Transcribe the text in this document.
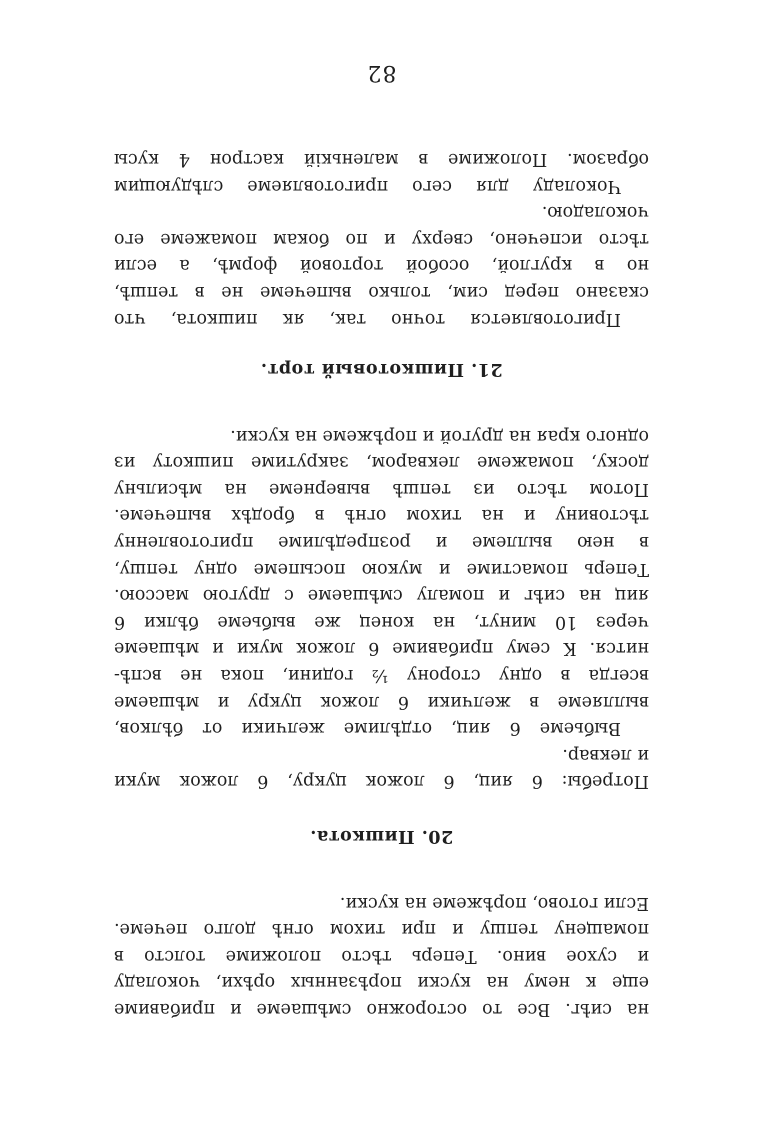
на сиѣг. Все то осторожно смѣшаеме и прибавиме
еще к нему на куски порѣзанных орѣхи, чоколаду
и сухое вино. Теперь тѣсто положиме толсто в
помащену тепшу и при тихом огнѣ долго печеме.
Если готово, порѣжеме на куски.
20. Пишкота.
Потребы: 6 яиц, 6 ложок цукру, 6 ложок муки
и леквар.
Выбьеме 6 яиц, отдѣлиме желчики от бѣлков,
вылляеме в желчики 6 ложок цукру и мѣшаеме
всегда в одну сторону ½ години, пока не вспѣ-
нится. К сему прибавиме 6 ложок муки и мѣшаеме
через 10 минут, на конец же выбьеме бѣлки 6
яиц на сиѣг и помалу смѣшаеме с другою массою.
Теперь помастиме и мукою посыпеме одну тепшу,
в нею выллеме и розпредѣлиме приготовленну
тѣстовину и на тихом огнѣ в бродѣх выпечеме.
Потом тѣсто из тепшѣ вывернеме на мѣсильну
доску, помажеме лекваром, закрутиме пишкоту из
одного края на другой и порѣжеме на куски.
21. Пишкотовый торт.
Приготовляется точно так, як пишкота, что
сказано перед сим, только выпечеме не в тепшѣ,
но в круглой, особой тортовой формѣ, а если
тѣсто испечено, сверху и по бокам помажеме его
чоколадою.
Чоколаду для сего приготовляеме слѣдующим
образом. Положиме в маленькій кастрон 4 кусы
82
